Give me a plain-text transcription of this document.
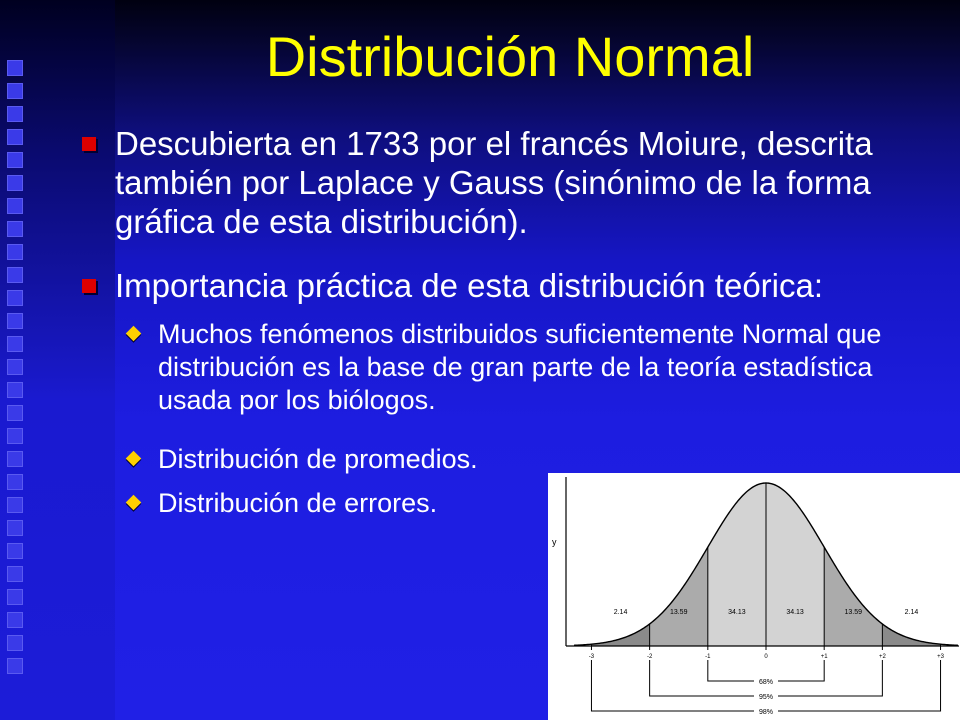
Distribución Normal
Descubierta en 1733 por el francés Moiure, descrita también por Laplace y Gauss (sinónimo de la forma gráfica de esta distribución).
Importancia práctica de esta distribución teórica:
Muchos fenómenos distribuidos suficientemente Normal que distribución es la base de gran parte de la teoría estadística usada por los biólogos.
Distribución de promedios.
Distribución de errores.
y
-3	-2	-1	0	+1	+2	+3
2.14	13.59	34.13	34.13	13.59	2.14
68%
95%
98%
